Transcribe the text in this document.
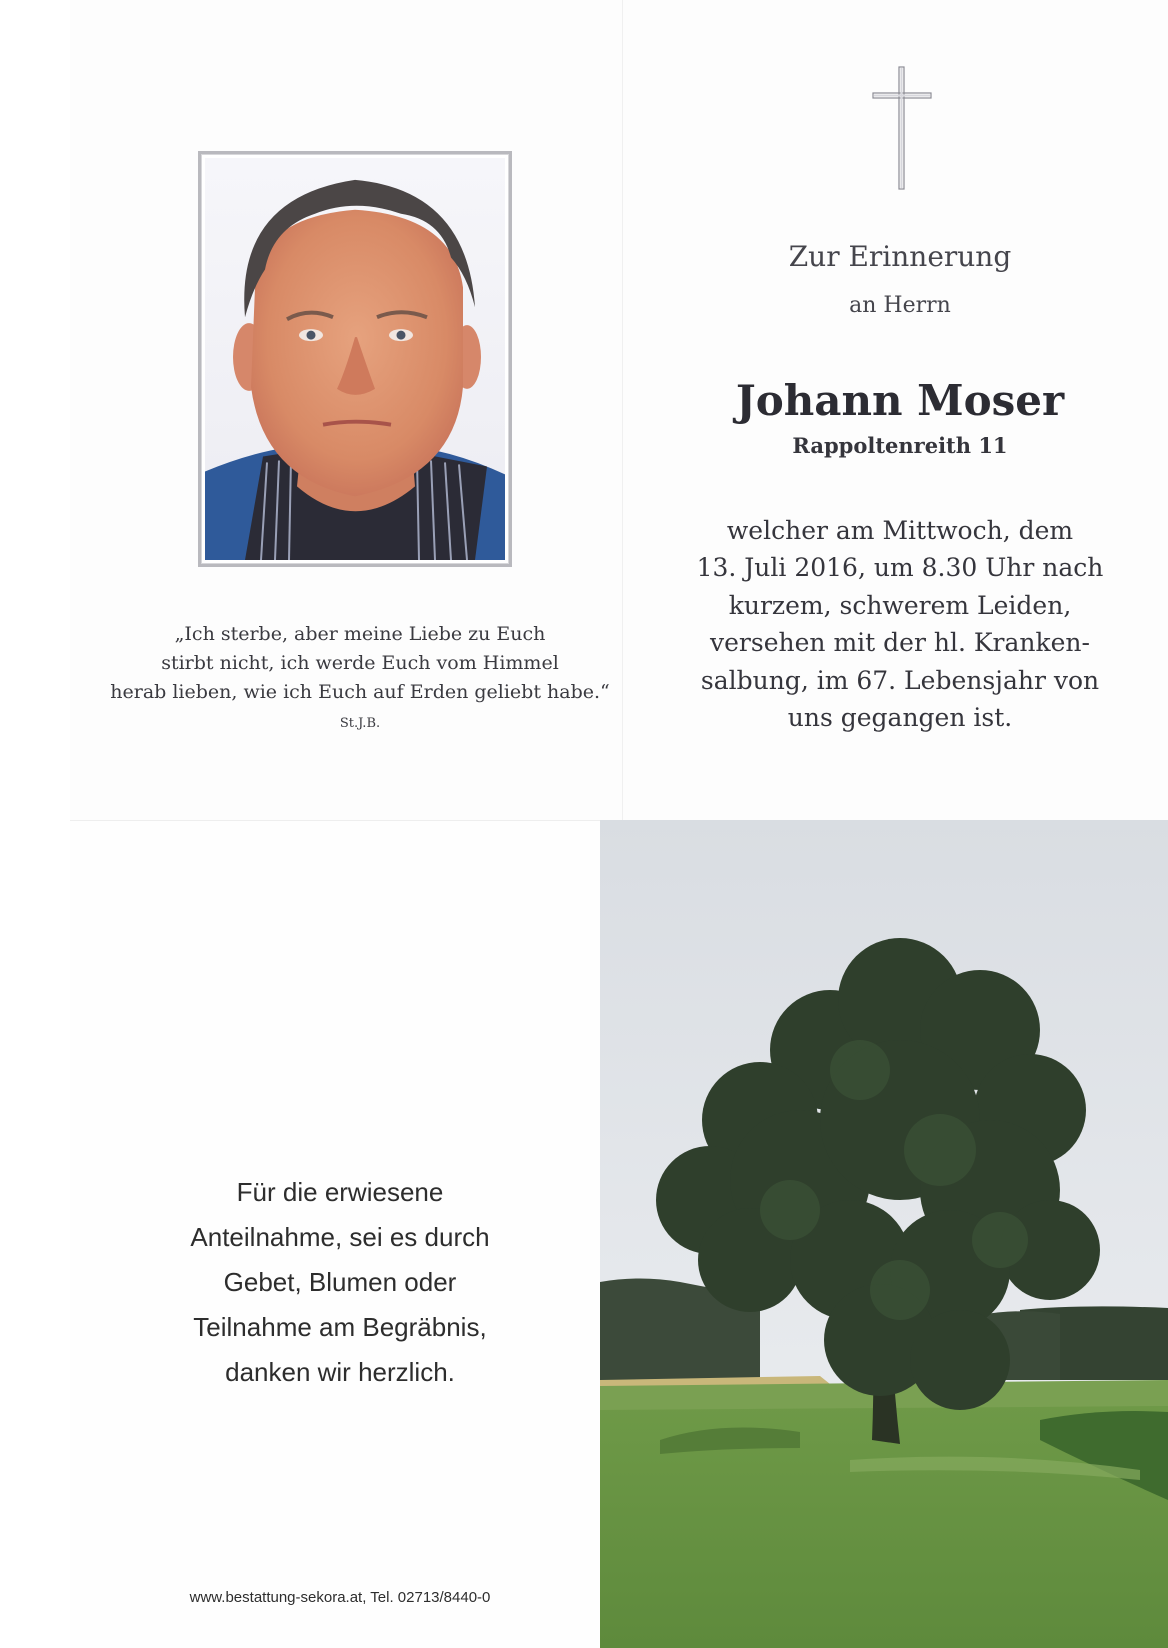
„Ich sterbe, aber meine Liebe zu Euch
stirbt nicht, ich werde Euch vom Himmel
herab lieben, wie ich Euch auf Erden geliebt habe.“
St.J.B.
Zur Erinnerung
an Herrn
Johann Moser
Rappoltenreith 11
welcher am Mittwoch, dem
13. Juli 2016, um 8.30 Uhr nach
kurzem, schwerem Leiden,
versehen mit der hl. Kranken-
salbung, im 67. Lebensjahr von
uns gegangen ist.
Für die erwiesene
Anteilnahme, sei es durch
Gebet, Blumen oder
Teilnahme am Begräbnis,
danken wir herzlich.
www.bestattung-sekora.at, Tel. 02713/8440-0
